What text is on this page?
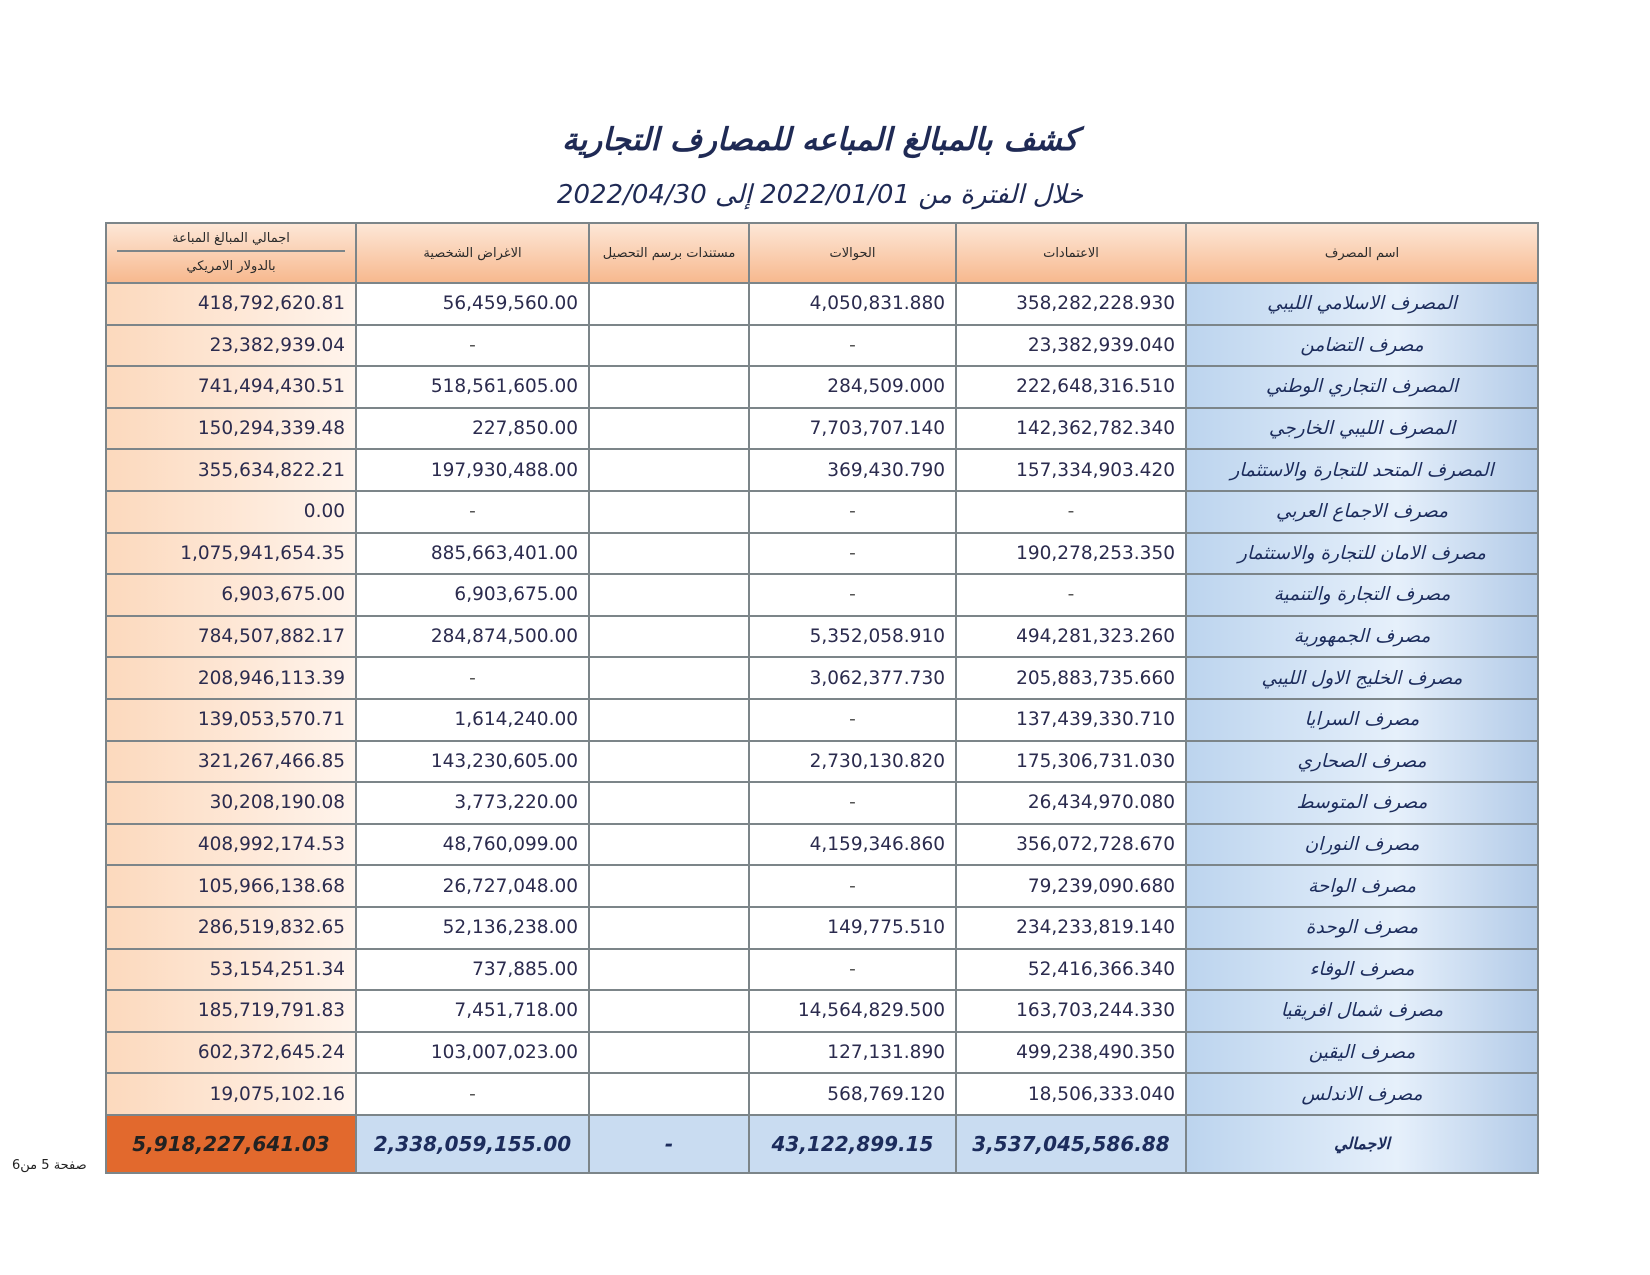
كشف بالمبالغ المباعه للمصارف التجارية
خلال الفترة من 2022/01/01 إلى 2022/04/30
اجمالي المبالغ المباعة
بالدولار الامريكي	الاغراض الشخصية	مستندات برسم التحصيل	الحوالات	الاعتمادات	اسم المصرف
418,792,620.81	56,459,560.00		4,050,831.880	358,282,228.930	المصرف الاسلامي الليبي
23,382,939.04	-		-	23,382,939.040	مصرف التضامن
741,494,430.51	518,561,605.00		284,509.000	222,648,316.510	المصرف التجاري الوطني
150,294,339.48	227,850.00		7,703,707.140	142,362,782.340	المصرف الليبي الخارجي
355,634,822.21	197,930,488.00		369,430.790	157,334,903.420	المصرف المتحد للتجارة والاستثمار
0.00	-		-	-	مصرف الاجماع العربي
1,075,941,654.35	885,663,401.00		-	190,278,253.350	مصرف الامان للتجارة والاستثمار
6,903,675.00	6,903,675.00		-	-	مصرف التجارة والتنمية
784,507,882.17	284,874,500.00		5,352,058.910	494,281,323.260	مصرف الجمهورية
208,946,113.39	-		3,062,377.730	205,883,735.660	مصرف الخليج الاول الليبي
139,053,570.71	1,614,240.00		-	137,439,330.710	مصرف السرايا
321,267,466.85	143,230,605.00		2,730,130.820	175,306,731.030	مصرف الصحاري
30,208,190.08	3,773,220.00		-	26,434,970.080	مصرف المتوسط
408,992,174.53	48,760,099.00		4,159,346.860	356,072,728.670	مصرف النوران
105,966,138.68	26,727,048.00		-	79,239,090.680	مصرف الواحة
286,519,832.65	52,136,238.00		149,775.510	234,233,819.140	مصرف الوحدة
53,154,251.34	737,885.00		-	52,416,366.340	مصرف الوفاء
185,719,791.83	7,451,718.00		14,564,829.500	163,703,244.330	مصرف شمال افريقيا
602,372,645.24	103,007,023.00		127,131.890	499,238,490.350	مصرف اليقين
19,075,102.16	-		568,769.120	18,506,333.040	مصرف الاندلس
5,918,227,641.03	2,338,059,155.00	-	43,122,899.15	3,537,045,586.88	الاجمالي
صفحة 5 من6
